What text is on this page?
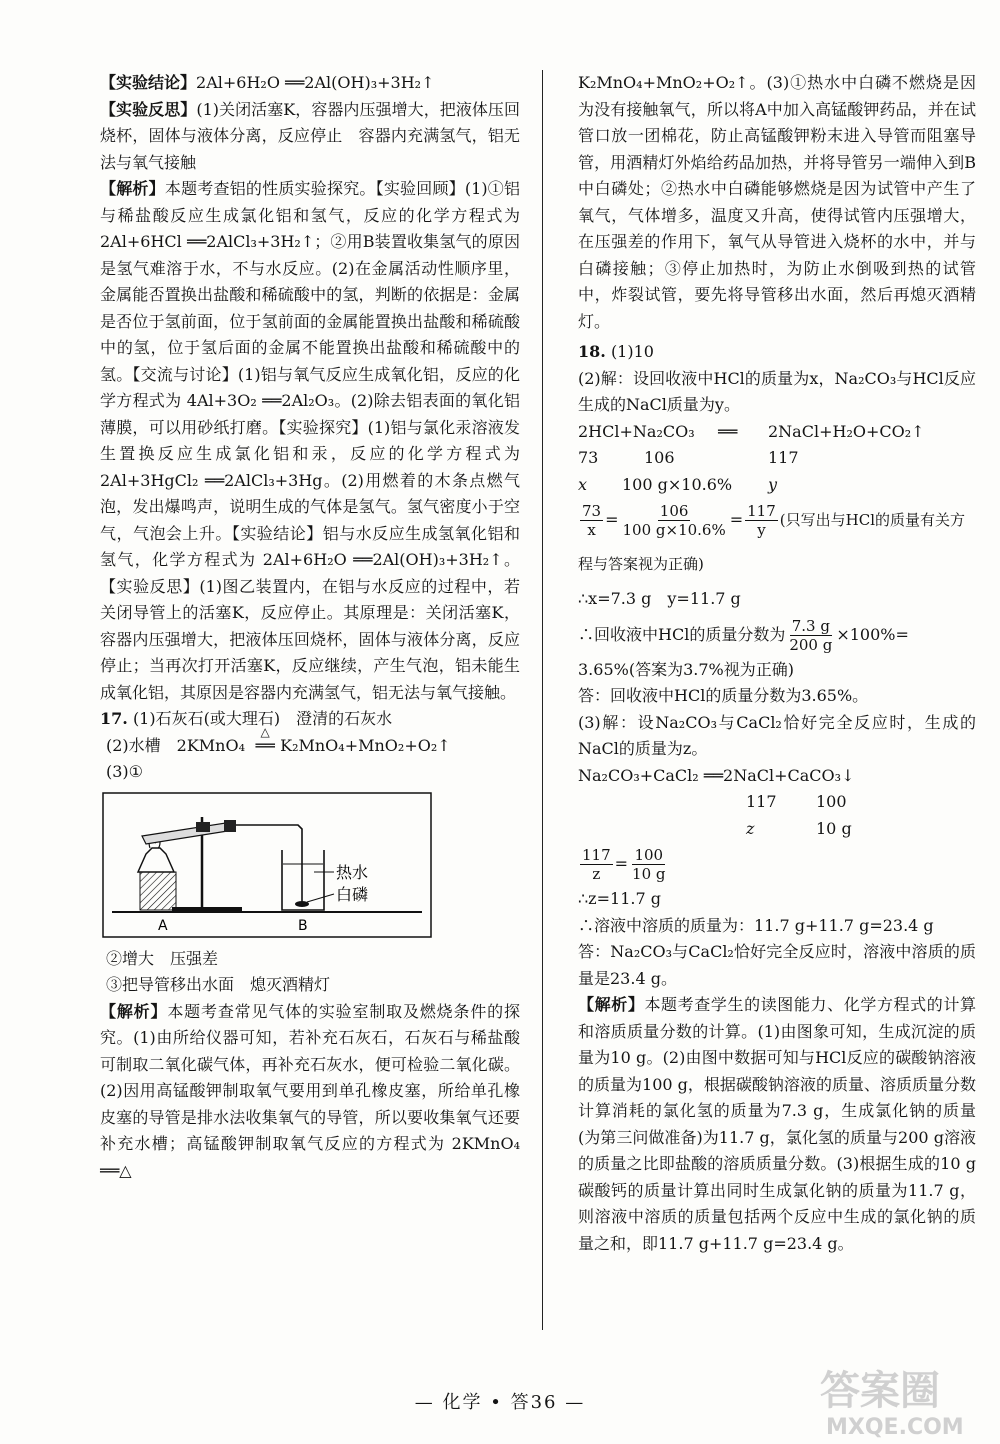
【实验结论】2Al+6H₂O ══2Al(OH)₃+3H₂↑

【实验反思】(1)关闭活塞K，容器内压强增大，把液体压回烧杯，固体与液体分离，反应停止　容器内充满氢气，铝无法与氧气接触

【解析】本题考查铝的性质实验探究。【实验回顾】(1)①铝与稀盐酸反应生成氯化铝和氢气，反应的化学方程式为 2Al+6HCl ══2AlCl₃+3H₂↑；②用B装置收集氢气的原因是氢气难溶于水，不与水反应。(2)在金属活动性顺序里，金属能否置换出盐酸和稀硫酸中的氢，判断的依据是：金属是否位于氢前面，位于氢前面的金属能置换出盐酸和稀硫酸中的氢，位于氢后面的金属不能置换出盐酸和稀硫酸中的氢。【交流与讨论】(1)铝与氧气反应生成氧化铝，反应的化学方程式为 4Al+3O₂ ══2Al₂O₃。(2)除去铝表面的氧化铝薄膜，可以用砂纸打磨。【实验探究】(1)铝与氯化汞溶液发生置换反应生成氯化铝和汞，反应的化学方程式为 2Al+3HgCl₂ ══2AlCl₃+3Hg。(2)用燃着的木条点燃气泡，发出爆鸣声，说明生成的气体是氢气。氢气密度小于空气，气泡会上升。【实验结论】铝与水反应生成氢氧化铝和氢气，化学方程式为 2Al+6H₂O ══2Al(OH)₃+3H₂↑。【实验反思】(1)图乙装置内，在铝与水反应的过程中，若关闭导管上的活塞K，反应停止。其原理是：关闭活塞K，容器内压强增大，把液体压回烧杯，固体与液体分离，反应停止；当再次打开活塞K，反应继续，产生气泡，铝未能生成氧化铝，其原因是容器内充满氢气，铝无法与氧气接触。

17. (1)石灰石(或大理石)　澄清的石灰水

(2)水槽　2KMnO₄
△
══ K₂MnO₄+MnO₂+O₂↑

(3)①

热水
白磷
A	B

②增大　压强差

③把导管移出水面　熄灭酒精灯

【解析】本题考查常见气体的实验室制取及燃烧条件的探究。(1)由所给仪器可知，若补充石灰石，石灰石与稀盐酸可制取二氧化碳气体，再补充石灰水，便可检验二氧化碳。(2)因用高锰酸钾制取氧气要用到单孔橡皮塞，所给单孔橡皮塞的导管是排水法收集氧气的导管，所以要收集氧气还要补充水槽；高锰酸钾制取氧气反应的方程式为 2KMnO₄ ══△

K₂MnO₄+MnO₂+O₂↑。(3)①热水中白磷不燃烧是因为没有接触氧气，所以将A中加入高锰酸钾药品，并在试管口放一团棉花，防止高锰酸钾粉末进入导管而阻塞导管，用酒精灯外焰给药品加热，并将导管另一端伸入到B中白磷处；②热水中白磷能够燃烧是因为试管中产生了氧气，气体增多，温度又升高，使得试管内压强增大，在压强差的作用下，氧气从导管进入烧杯的水中，并与白磷接触；③停止加热时，为防止水倒吸到热的试管中，炸裂试管，要先将导管移出水面，然后再熄灭酒精灯。

18. (1)10

(2)解：设回收液中HCl的质量为x，Na₂CO₃与HCl反应生成的NaCl质量为y。

2HCl+Na₂CO₃	══	2NaCl+H₂O+CO₂↑
73	106	117
x	100 g×10.6%	y
$\frac{73}{x} = \frac{106}{100 g\times 10.6\%} = \frac{117}{y}$ (只写出与HCl的质量有关方程与答案视为正确)

∴x=7.3 g　y=11.7 g

∴回收液中HCl的质量分数为 $\frac{7.3 g}{200 g} \times 100\%=$

3.65%(答案为3.7%视为正确)

答：回收液中HCl的质量分数为3.65%。

(3)解：设Na₂CO₃与CaCl₂恰好完全反应时，生成的NaCl的质量为z。

Na₂CO₃+CaCl₂ ══2NaCl+CaCO₃↓

117	100
z	10 g
$\frac{117}{z} = \frac{100}{10 g}$

∴z=11.7 g

∴溶液中溶质的质量为：11.7 g+11.7 g=23.4 g

答：Na₂CO₃与CaCl₂恰好完全反应时，溶液中溶质的质量是23.4 g。

【解析】本题考查学生的读图能力、化学方程式的计算和溶质质量分数的计算。(1)由图象可知，生成沉淀的质量为10 g。(2)由图中数据可知与HCl反应的碳酸钠溶液的质量为100 g，根据碳酸钠溶液的质量、溶质质量分数计算消耗的氯化氢的质量为7.3 g，生成氯化钠的质量(为第三问做准备)为11.7 g，氯化氢的质量与200 g溶液的质量之比即盐酸的溶质质量分数。(3)根据生成的10 g碳酸钙的质量计算出同时生成氯化钠的质量为11.7 g，则溶液中溶质的质量包括两个反应中生成的氯化钠的质量之和，即11.7 g+11.7 g=23.4 g。

— 化学 • 答36 —	答案圈
MXQE.COM
